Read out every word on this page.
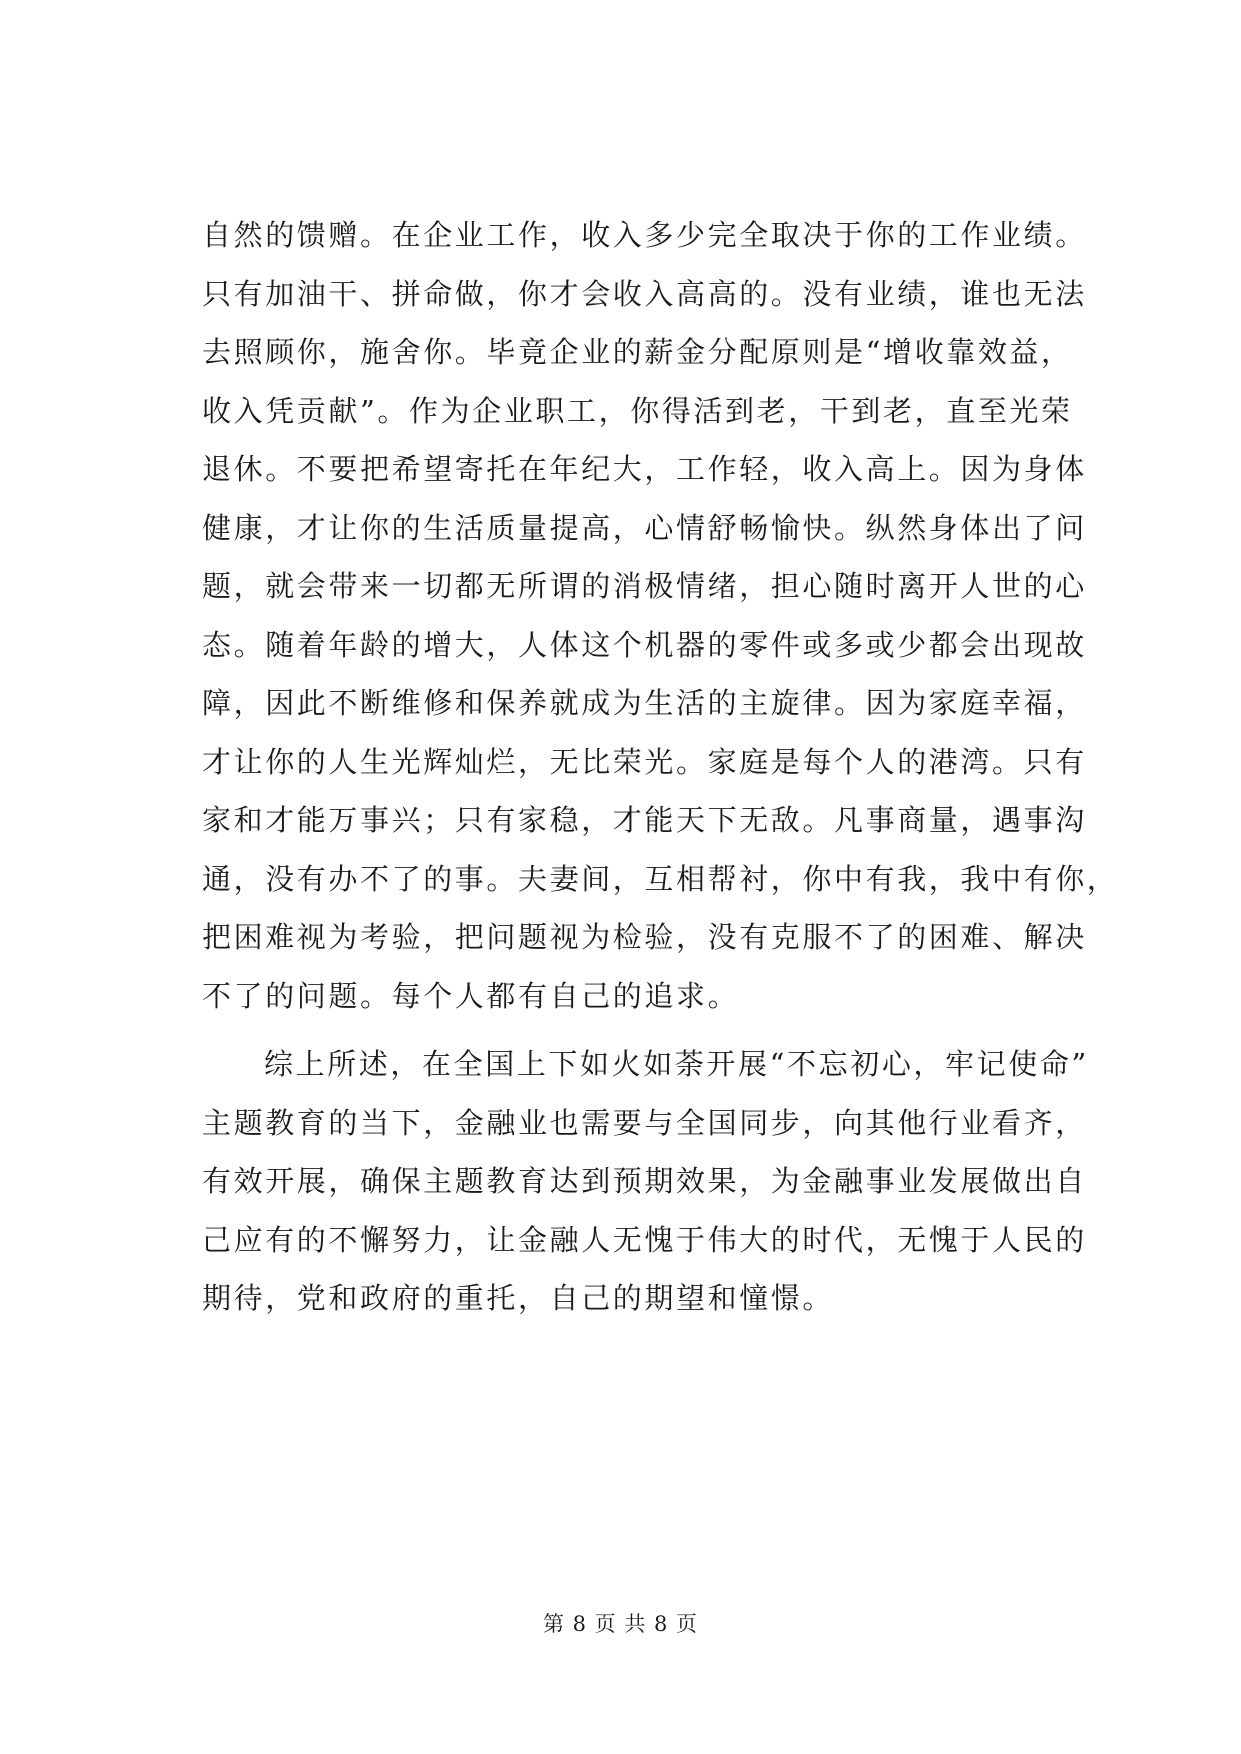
自然的馈赠。在企业工作，收入多少完全取决于你的工作业绩。
只有加油干、拼命做，你才会收入高高的。没有业绩，谁也无法
去照顾你，施舍你。毕竟企业的薪金分配原则是“增收靠效益，
收入凭贡献”。作为企业职工，你得活到老，干到老，直至光荣
退休。不要把希望寄托在年纪大，工作轻，收入高上。因为身体
健康，才让你的生活质量提高，心情舒畅愉快。纵然身体出了问
题，就会带来一切都无所谓的消极情绪，担心随时离开人世的心
态。随着年龄的增大，人体这个机器的零件或多或少都会出现故
障，因此不断维修和保养就成为生活的主旋律。因为家庭幸福，
才让你的人生光辉灿烂，无比荣光。家庭是每个人的港湾。只有
家和才能万事兴；只有家稳，才能天下无敌。凡事商量，遇事沟
通，没有办不了的事。夫妻间，互相帮衬，你中有我，我中有你，
把困难视为考验，把问题视为检验，没有克服不了的困难、解决
不了的问题。每个人都有自己的追求。
综上所述，在全国上下如火如荼开展“不忘初心，牢记使命”
主题教育的当下，金融业也需要与全国同步，向其他行业看齐，
有效开展，确保主题教育达到预期效果，为金融事业发展做出自
己应有的不懈努力，让金融人无愧于伟大的时代，无愧于人民的
期待，党和政府的重托，自己的期望和憧憬。
第 8 页 共 8 页
